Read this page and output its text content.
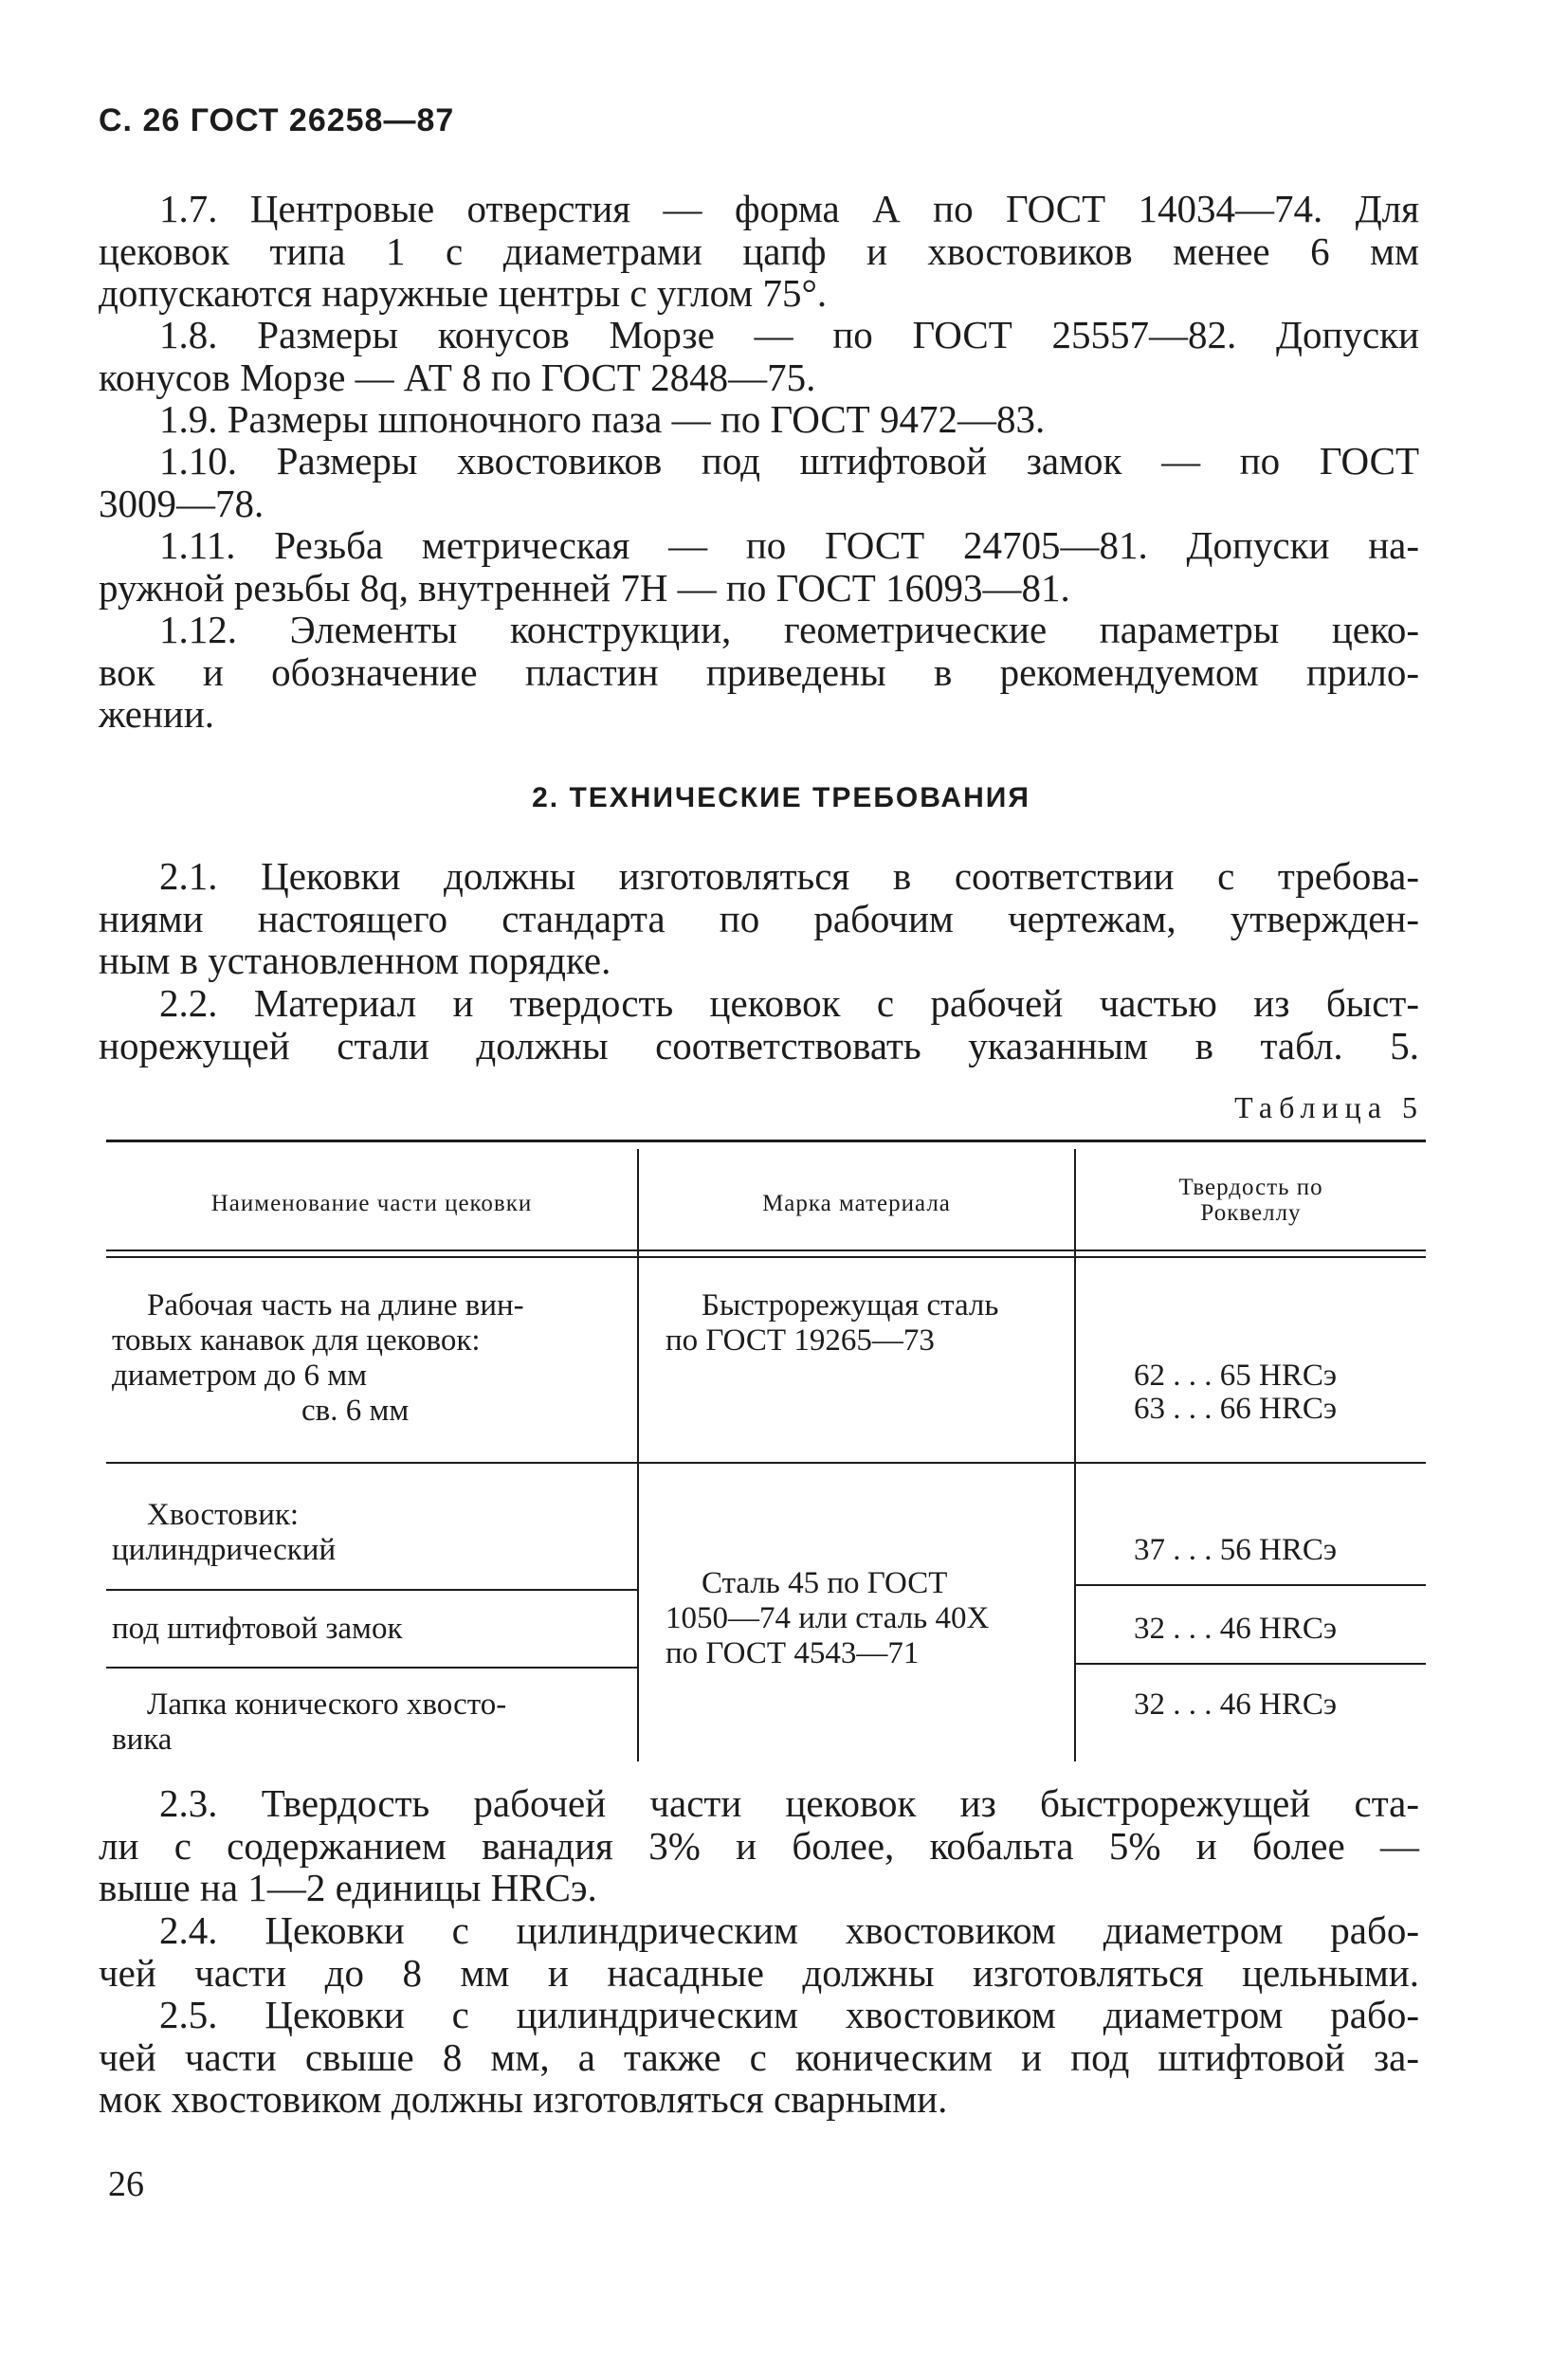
С. 26 ГОСТ 26258—87
1.7. Центровые отверстия — форма А по ГОСТ 14034—74. Для
цековок типа 1 с диаметрами цапф и хвостовиков менее 6 мм
допускаются наружные центры с углом 75°.
1.8. Размеры конусов Морзе — по ГОСТ 25557—82. Допуски
конусов Морзе — АТ 8 по ГОСТ 2848—75.
1.9. Размеры шпоночного паза — по ГОСТ 9472—83.
1.10. Размеры хвостовиков под штифтовой замок — по ГОСТ
3009—78.
1.11. Резьба метрическая — по ГОСТ 24705—81. Допуски на-
ружной резьбы 8q, внутренней 7H — по ГОСТ 16093—81.
1.12. Элементы конструкции, геометрические параметры цеко-
вок и обозначение пластин приведены в рекомендуемом прило-
жении.
2. ТЕХНИЧЕСКИЕ ТРЕБОВАНИЯ
2.1. Цековки должны изготовляться в соответствии с требова-
ниями настоящего стандарта по рабочим чертежам, утвержден-
ным в установленном порядке.
2.2. Материал и твердость цековок с рабочей частью из быст-
норежущей стали должны соответствовать указанным в табл. 5.
Таблица 5
Наименование части цековки	Марка материала
Твердость по
Роквеллу
Рабочая часть на длине вин-
товых канавок для цековок:
диаметром до 6 мм
св. 6 мм
Быстрорежущая сталь
по ГОСТ 19265—73
62 . . . 65 HRCэ
63 . . . 66 HRCэ
Хвостовик:
цилиндрический
под штифтовой замок
Лапка конического хвосто-
вика
Сталь 45 по ГОСТ
1050—74 или сталь 40Х
по ГОСТ 4543—71
37 . . . 56 HRCэ
32 . . . 46 HRCэ
32 . . . 46 HRCэ
2.3. Твердость рабочей части цековок из быстрорежущей ста-
ли с содержанием ванадия 3% и более, кобальта 5% и более —
выше на 1—2 единицы HRCэ.
2.4. Цековки с цилиндрическим хвостовиком диаметром рабо-
чей части до 8 мм и насадные должны изготовляться цельными.
2.5. Цековки с цилиндрическим хвостовиком диаметром рабо-
чей части свыше 8 мм, а также с коническим и под штифтовой за-
мок хвостовиком должны изготовляться сварными.
26
